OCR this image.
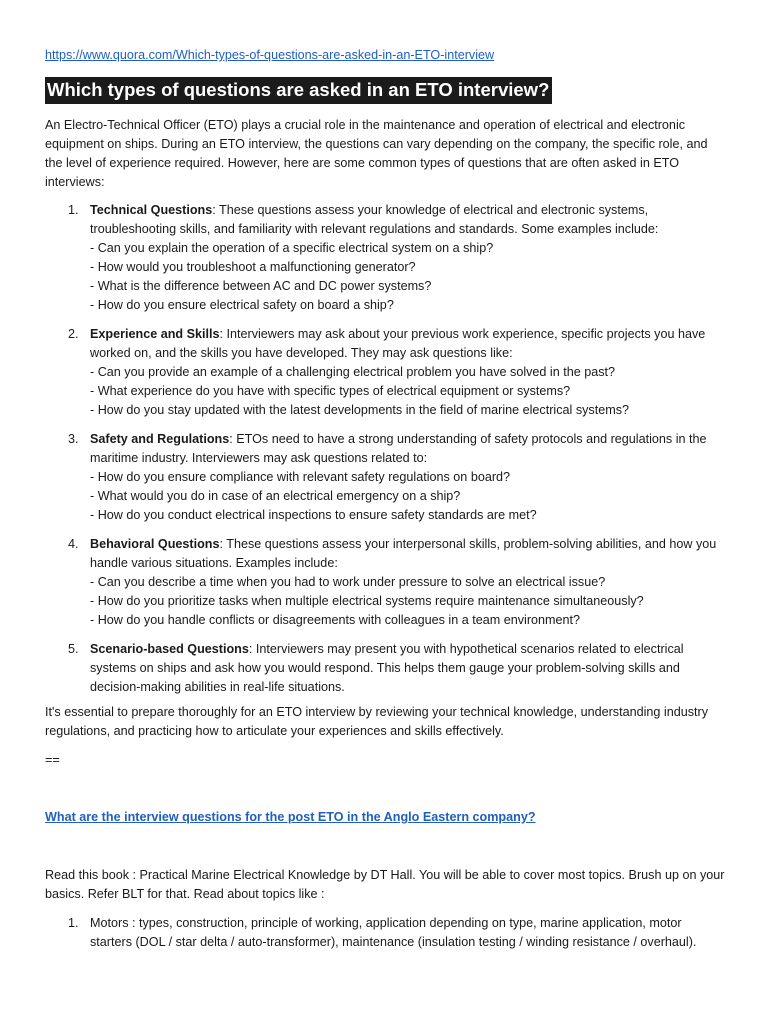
https://www.quora.com/Which-types-of-questions-are-asked-in-an-ETO-interview
Which types of questions are asked in an ETO interview?

An Electro-Technical Officer (ETO) plays a crucial role in the maintenance and operation of electrical and electronic equipment on ships. During an ETO interview, the questions can vary depending on the company, the specific role, and the level of experience required. However, here are some common types of questions that are often asked in ETO interviews:

1. Technical Questions: These questions assess your knowledge of electrical and electronic systems, troubleshooting skills, and familiarity with relevant regulations and standards. Some examples include:
- Can you explain the operation of a specific electrical system on a ship?
- How would you troubleshoot a malfunctioning generator?
- What is the difference between AC and DC power systems?
- How do you ensure electrical safety on board a ship?
2. Experience and Skills: Interviewers may ask about your previous work experience, specific projects you have worked on, and the skills you have developed. They may ask questions like:
- Can you provide an example of a challenging electrical problem you have solved in the past?
- What experience do you have with specific types of electrical equipment or systems?
- How do you stay updated with the latest developments in the field of marine electrical systems?
3. Safety and Regulations: ETOs need to have a strong understanding of safety protocols and regulations in the maritime industry. Interviewers may ask questions related to:
- How do you ensure compliance with relevant safety regulations on board?
- What would you do in case of an electrical emergency on a ship?
- How do you conduct electrical inspections to ensure safety standards are met?
4. Behavioral Questions: These questions assess your interpersonal skills, problem-solving abilities, and how you handle various situations. Examples include:
- Can you describe a time when you had to work under pressure to solve an electrical issue?
- How do you prioritize tasks when multiple electrical systems require maintenance simultaneously?
- How do you handle conflicts or disagreements with colleagues in a team environment?
5. Scenario-based Questions: Interviewers may present you with hypothetical scenarios related to electrical systems on ships and ask how you would respond. This helps them gauge your problem-solving skills and decision-making abilities in real-life situations.

It's essential to prepare thoroughly for an ETO interview by reviewing your technical knowledge, understanding industry regulations, and practicing how to articulate your experiences and skills effectively.

==
What are the interview questions for the post ETO in the Anglo Eastern company?

Read this book : Practical Marine Electrical Knowledge by DT Hall. You will be able to cover most topics. Brush up on your basics. Refer BLT for that. Read about topics like :

1. Motors : types, construction, principle of working, application depending on type, marine application, motor starters (DOL / star delta / auto-transformer), maintenance (insulation testing / winding resistance / overhaul).
